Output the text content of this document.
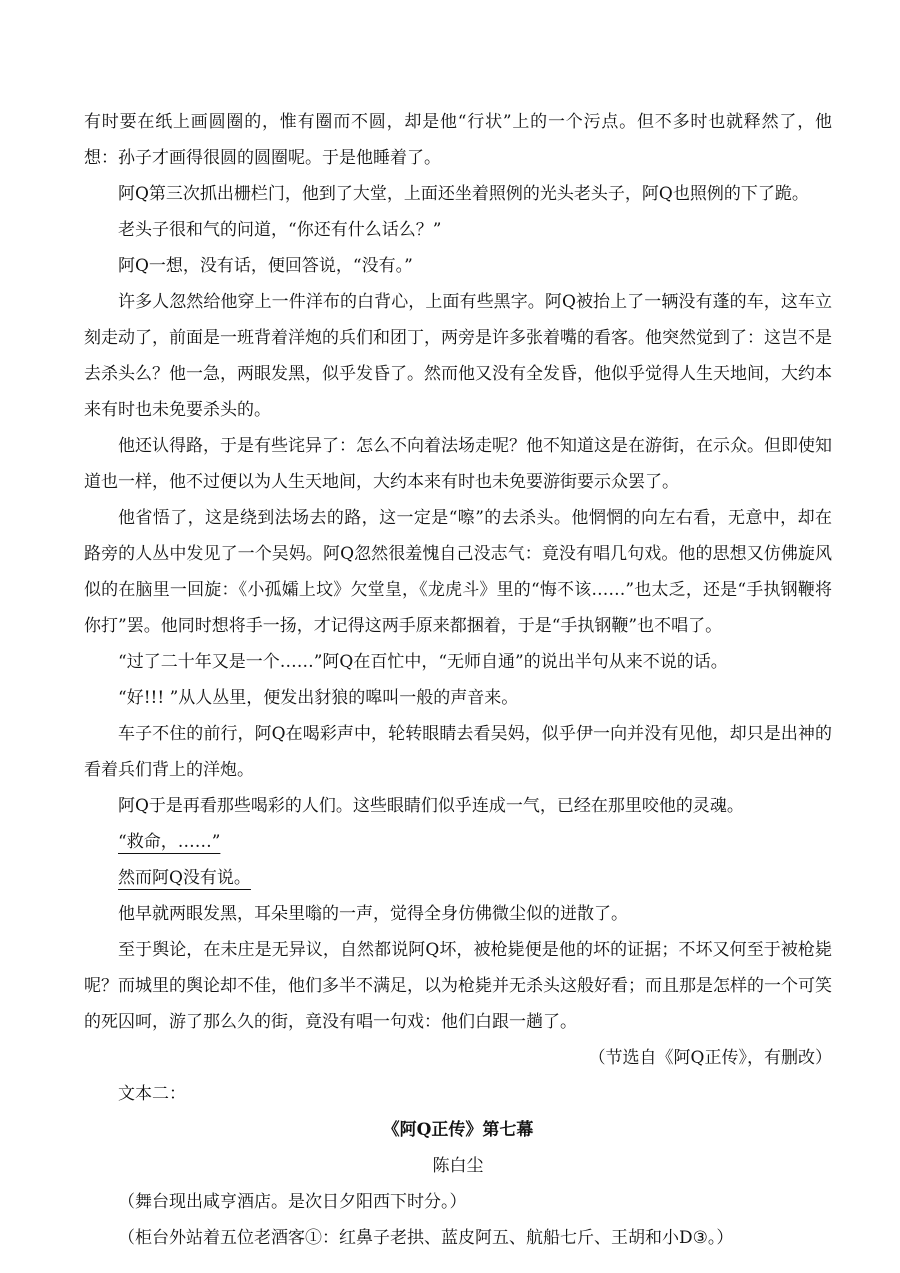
有时要在纸上画圆圈的，惟有圈而不圆，却是他“行状”上的一个污点。但不多时也就释然了，他想：孙子才画得很圆的圆圈呢。于是他睡着了。

阿Q第三次抓出栅栏门，他到了大堂，上面还坐着照例的光头老头子，阿Q也照例的下了跪。

老头子很和气的问道，“你还有什么话么？”

阿Q一想，没有话，便回答说，“没有。”

许多人忽然给他穿上一件洋布的白背心，上面有些黑字。阿Q被抬上了一辆没有蓬的车，这车立刻走动了，前面是一班背着洋炮的兵们和团丁，两旁是许多张着嘴的看客。他突然觉到了：这岂不是去杀头么？他一急，两眼发黑，似乎发昏了。然而他又没有全发昏，他似乎觉得人生天地间，大约本来有时也未免要杀头的。

他还认得路，于是有些诧异了：怎么不向着法场走呢？他不知道这是在游街，在示众。但即使知道也一样，他不过便以为人生天地间，大约本来有时也未免要游街要示众罢了。

他省悟了，这是绕到法场去的路，这一定是“嚓”的去杀头。他惘惘的向左右看，无意中，却在路旁的人丛中发见了一个吴妈。阿Q忽然很羞愧自己没志气：竟没有唱几句戏。他的思想又仿佛旋风似的在脑里一回旋：《小孤孀上坟》欠堂皇，《龙虎斗》里的“悔不该……”也太乏，还是“手执钢鞭将你打”罢。他同时想将手一扬，才记得这两手原来都捆着，于是“手执钢鞭”也不唱了。

“过了二十年又是一个……”阿Q在百忙中，“无师自通”的说出半句从来不说的话。

“好!!! ”从人丛里，便发出豺狼的嗥叫一般的声音来。

车子不住的前行，阿Q在喝彩声中，轮转眼睛去看吴妈，似乎伊一向并没有见他，却只是出神的看着兵们背上的洋炮。

阿Q于是再看那些喝彩的人们。这些眼睛们似乎连成一气，已经在那里咬他的灵魂。

“救命，……”

然而阿Q没有说。

他早就两眼发黑，耳朵里嗡的一声，觉得全身仿佛微尘似的迸散了。

至于舆论，在未庄是无异议，自然都说阿Q坏，被枪毙便是他的坏的证据；不坏又何至于被枪毙呢？而城里的舆论却不佳，他们多半不满足，以为枪毙并无杀头这般好看；而且那是怎样的一个可笑的死囚呵，游了那么久的街，竟没有唱一句戏：他们白跟一趟了。

（节选自《阿Q正传》，有删改）

文本二：

《阿Q正传》第七幕

陈白尘

（舞台现出咸亨酒店。是次日夕阳西下时分。）

（柜台外站着五位老酒客①：红鼻子老拱、蓝皮阿五、航船七斤、王胡和小D③。）
